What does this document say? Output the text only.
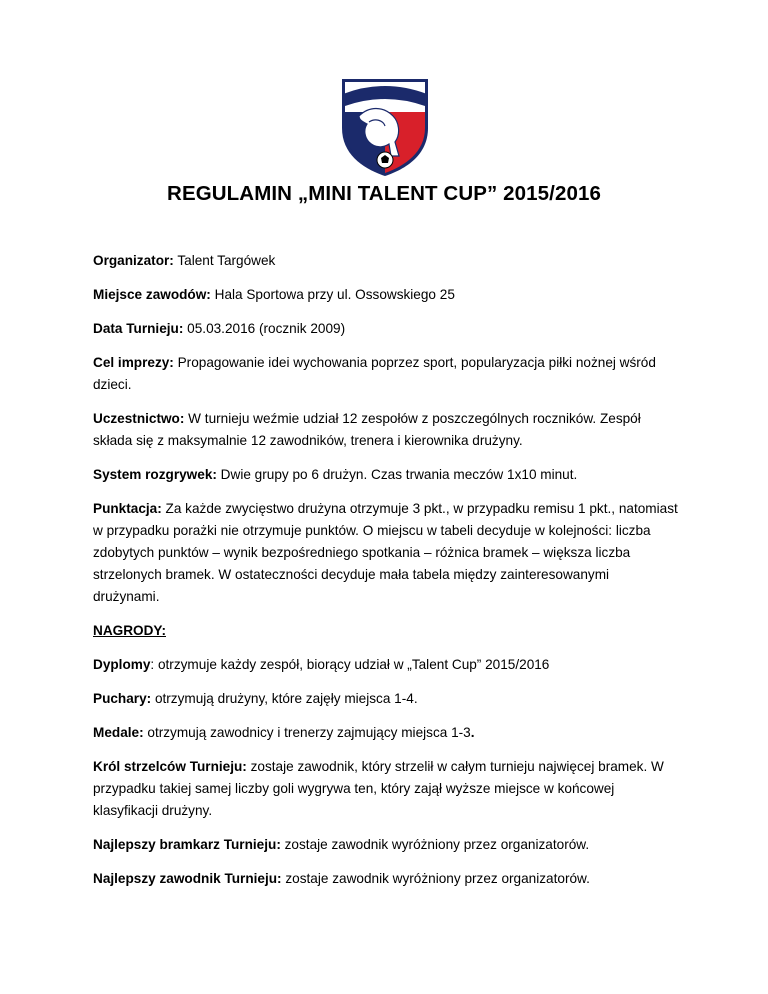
REGULAMIN „MINI TALENT CUP” 2015/2016

Organizator: Talent Targówek

Miejsce zawodów: Hala Sportowa przy ul. Ossowskiego 25

Data Turnieju: 05.03.2016 (rocznik 2009)

Cel imprezy: Propagowanie idei wychowania poprzez sport, popularyzacja piłki nożnej wśród dzieci.

Uczestnictwo: W turnieju weźmie udział 12 zespołów z poszczególnych roczników. Zespół składa się z maksymalnie 12 zawodników, trenera i kierownika drużyny.

System rozgrywek: Dwie grupy po 6 drużyn. Czas trwania meczów 1x10 minut.

Punktacja: Za każde zwycięstwo drużyna otrzymuje 3 pkt., w przypadku remisu 1 pkt., natomiast w przypadku porażki nie otrzymuje punktów. O miejscu w tabeli decyduje w kolejności: liczba zdobytych punktów – wynik bezpośredniego spotkania – różnica bramek – większa liczba strzelonych bramek. W ostateczności decyduje mała tabela między zainteresowanymi drużynami.

NAGRODY:

Dyplomy: otrzymuje każdy zespół, biorący udział w „Talent Cup” 2015/2016

Puchary: otrzymują drużyny, które zajęły miejsca 1-4.

Medale: otrzymują zawodnicy i trenerzy zajmujący miejsca 1-3.

Król strzelców Turnieju: zostaje zawodnik, który strzelił w całym turnieju najwięcej bramek. W przypadku takiej samej liczby goli wygrywa ten, który zajął wyższe miejsce w końcowej klasyfikacji drużyny.

Najlepszy bramkarz Turnieju: zostaje zawodnik wyróżniony przez organizatorów.

Najlepszy zawodnik Turnieju: zostaje zawodnik wyróżniony przez organizatorów.
